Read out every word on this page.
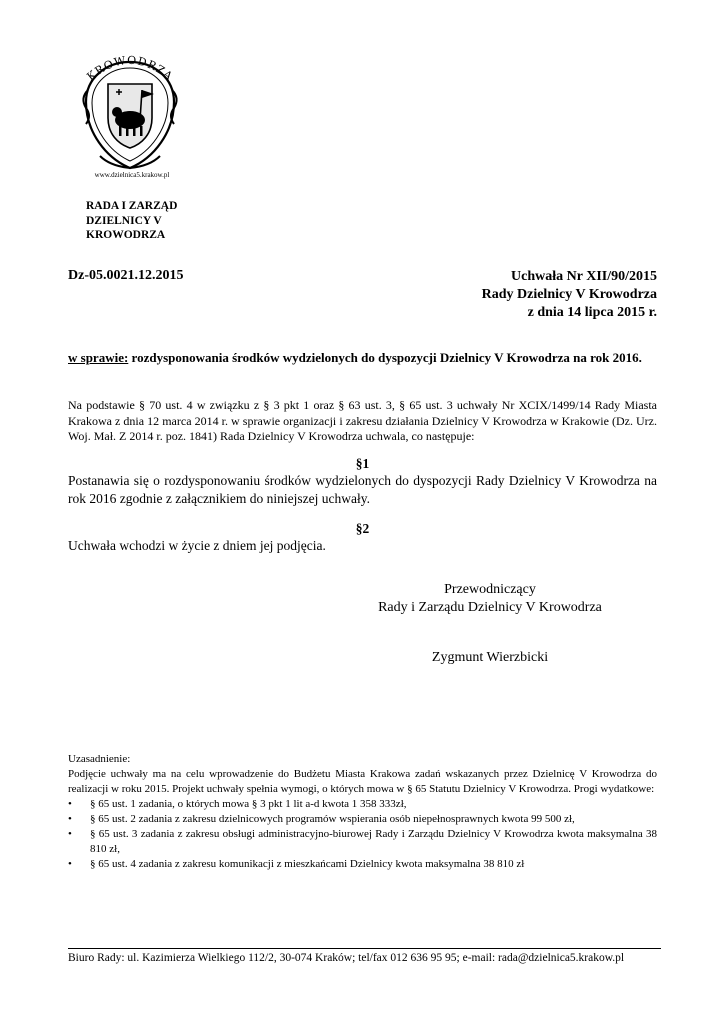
KROWODRZA
www.dzielnica5.krakow.pl
RADA I ZARZĄD
DZIELNICY V
KROWODRZA
Dz-05.0021.12.2015	Uchwała Nr XII/90/2015
Rady Dzielnicy V Krowodrza
z dnia 14 lipca 2015 r.
w sprawie: rozdysponowania środków wydzielonych do dyspozycji Dzielnicy V Krowodrza na rok 2016.
Na podstawie § 70 ust. 4 w związku z § 3 pkt 1 oraz § 63 ust. 3, § 65 ust. 3 uchwały Nr XCIX/1499/14 Rady Miasta Krakowa z dnia 12 marca 2014 r. w sprawie organizacji i zakresu działania Dzielnicy V Krowodrza w Krakowie (Dz. Urz. Woj. Mał. Z 2014 r. poz. 1841) Rada Dzielnicy V Krowodrza uchwala, co następuje:
§1
Postanawia się o rozdysponowaniu środków wydzielonych do dyspozycji Rady Dzielnicy V Krowodrza na rok 2016 zgodnie z załącznikiem do niniejszej uchwały.
§2
Uchwała wchodzi w życie z dniem jej podjęcia.
Przewodniczący
Rady i Zarządu Dzielnicy V Krowodrza
Zygmunt Wierzbicki
Uzasadnienie:
Podjęcie uchwały ma na celu wprowadzenie do Budżetu Miasta Krakowa zadań wskazanych przez Dzielnicę V Krowodrza do realizacji w roku 2015. Projekt uchwały spełnia wymogi, o których mowa w § 65 Statutu Dzielnicy V Krowodrza. Progi wydatkowe:
• § 65 ust. 1 zadania, o których mowa § 3 pkt 1 lit a-d kwota 1 358 333zł,
• § 65 ust. 2 zadania z zakresu dzielnicowych programów wspierania osób niepełnosprawnych kwota 99 500 zł,
• § 65 ust. 3 zadania z zakresu obsługi administracyjno-biurowej Rady i Zarządu Dzielnicy V Krowodrza kwota maksymalna 38 810 zł,
• § 65 ust. 4 zadania z zakresu komunikacji z mieszkańcami Dzielnicy kwota maksymalna 38 810 zł
Biuro Rady: ul. Kazimierza Wielkiego 112/2, 30-074 Kraków; tel/fax 012 636 95 95; e-mail: rada@dzielnica5.krakow.pl
